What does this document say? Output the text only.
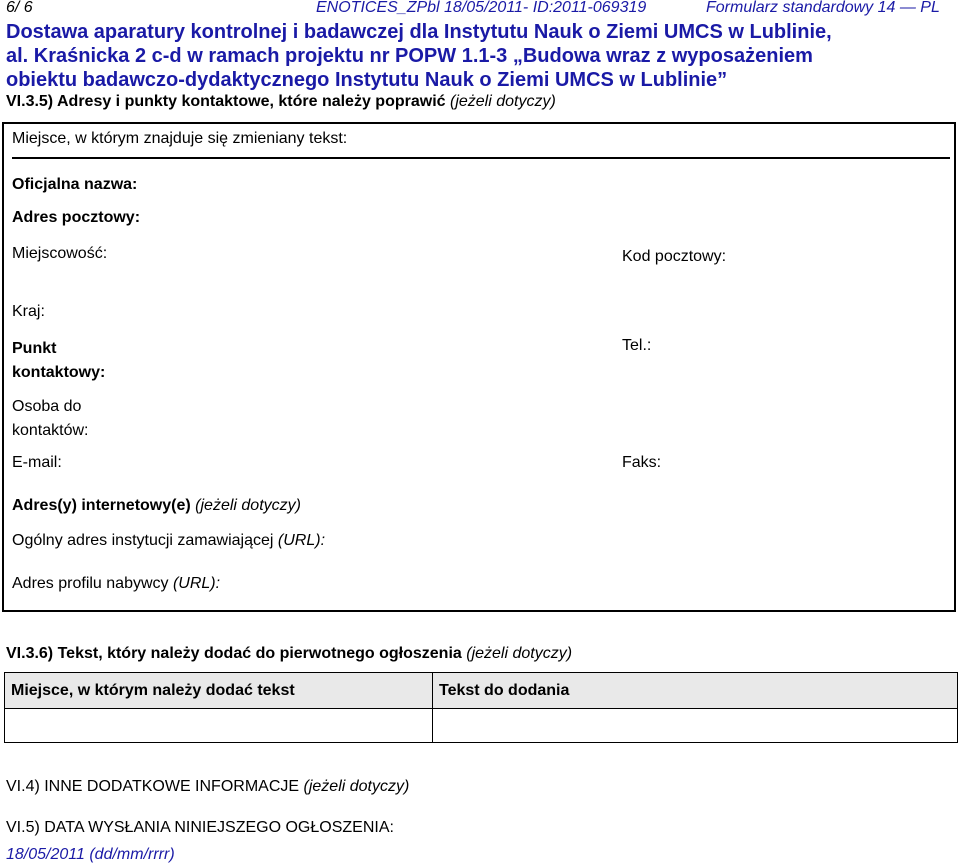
6/ 6	ENOTICES_ZPbl 18/05/2011- ID:2011-069319	Formularz standardowy 14 — PL
Dostawa aparatury kontrolnej i badawczej dla Instytutu Nauk o Ziemi UMCS w Lublinie,
al. Kraśnicka 2 c-d w ramach projektu nr POPW 1.1-3 „Budowa wraz z wyposażeniem
obiektu badawczo-dydaktycznego Instytutu Nauk o Ziemi UMCS w Lublinie”
VI.3.5) Adresy i punkty kontaktowe, które należy poprawić (jeżeli dotyczy)
Miejsce, w którym znajduje się zmieniany tekst:
Oficjalna nazwa:
Adres pocztowy:
Miejscowość:	Kod pocztowy:
Kraj:
Punkt kontaktowy:
Tel.:
Osoba do kontaktów:
E-mail:	Faks:
Adres(y) internetowy(e) (jeżeli dotyczy)
Ogólny adres instytucji zamawiającej (URL):
Adres profilu nabywcy (URL):
VI.3.6) Tekst, który należy dodać do pierwotnego ogłoszenia (jeżeli dotyczy)
Miejsce, w którym należy dodać tekst	Tekst do dodania

VI.4) INNE DODATKOWE INFORMACJE (jeżeli dotyczy)
VI.5) DATA WYSŁANIA NINIEJSZEGO OGŁOSZENIA:
18/05/2011 (dd/mm/rrrr)
